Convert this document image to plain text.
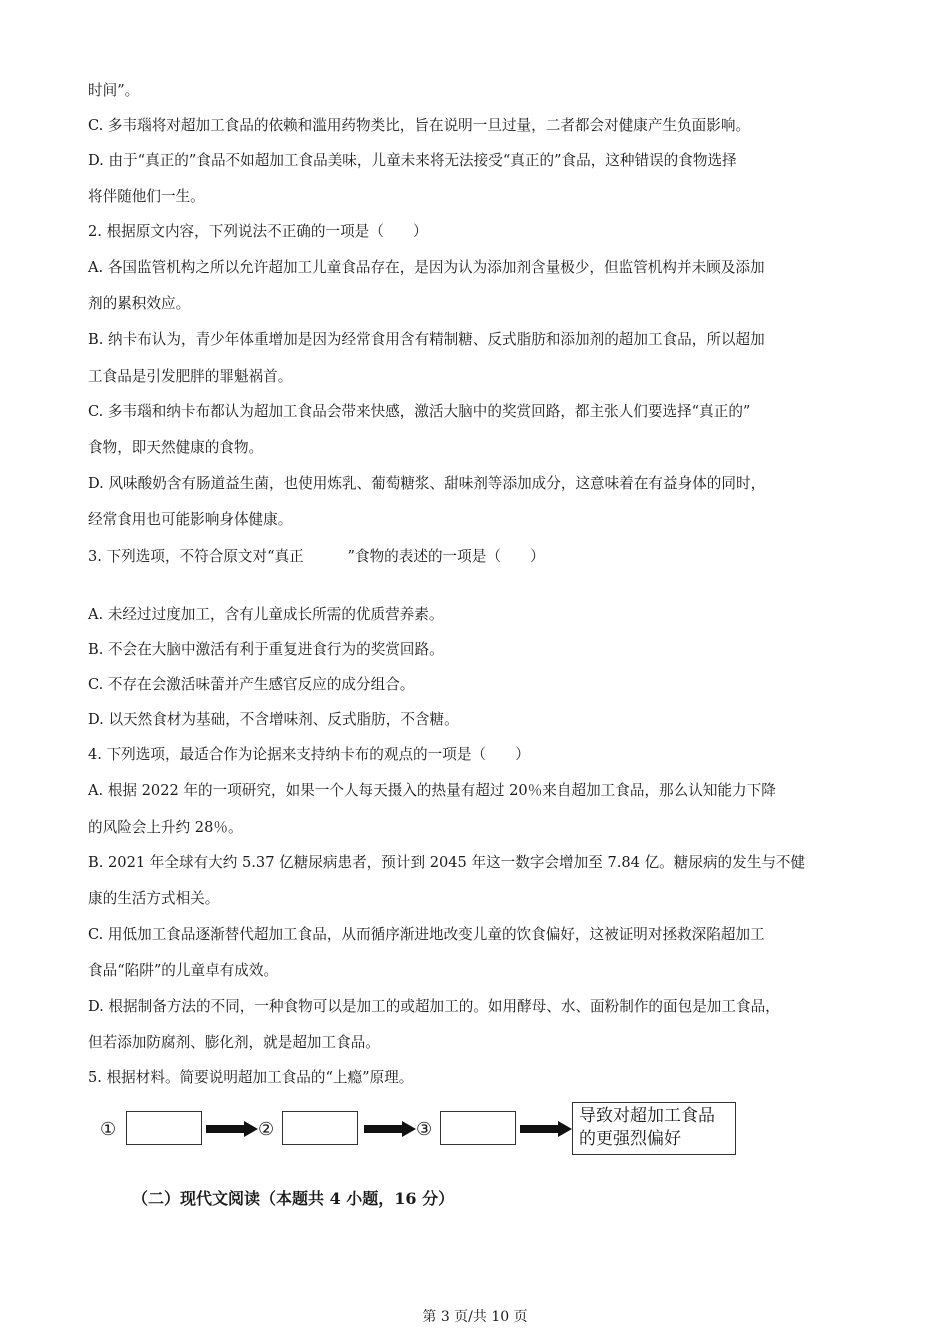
时间”。
C. 多韦瑙将对超加工食品的依赖和滥用药物类比，旨在说明一旦过量，二者都会对健康产生负面影响。
D. 由于“真正的”食品不如超加工食品美味，儿童未来将无法接受“真正的”食品，这种错误的食物选择
将伴随他们一生。
2. 根据原文内容，下列说法不正确的一项是（　　）
A. 各国监管机构之所以允许超加工儿童食品存在，是因为认为添加剂含量极少，但监管机构并未顾及添加
剂的累积效应。
B. 纳卡布认为，青少年体重增加是因为经常食用含有精制糖、反式脂肪和添加剂的超加工食品，所以超加
工食品是引发肥胖的罪魁祸首。
C. 多韦瑙和纳卡布都认为超加工食品会带来快感，激活大脑中的奖赏回路，都主张人们要选择“真正的”
食物，即天然健康的食物。
D. 风味酸奶含有肠道益生菌，也使用炼乳、葡萄糖浆、甜味剂等添加成分，这意味着在有益身体的同时，
经常食用也可能影响身体健康。
3. 下列选项，不符合原文对“真正　　　”食物的表述的一项是（　　）
A. 未经过过度加工，含有儿童成长所需的优质营养素。
B. 不会在大脑中激活有利于重复进食行为的奖赏回路。
C. 不存在会激活味蕾并产生感官反应的成分组合。
D. 以天然食材为基础，不含增味剂、反式脂肪，不含糖。
4. 下列选项，最适合作为论据来支持纳卡布的观点的一项是（　　）
A. 根据 2022 年的一项研究，如果一个人每天摄入的热量有超过 20％来自超加工食品，那么认知能力下降
的风险会上升约 28％。
B. 2021 年全球有大约 5.37 亿糖尿病患者，预计到 2045 年这一数字会增加至 7.84 亿。糖尿病的发生与不健
康的生活方式相关。
C. 用低加工食品逐渐替代超加工食品，从而循序渐进地改变儿童的饮食偏好，这被证明对拯救深陷超加工
食品“陷阱”的儿童卓有成效。
D. 根据制备方法的不同，一种食物可以是加工的或超加工的。如用酵母、水、面粉制作的面包是加工食品，
但若添加防腐剂、膨化剂，就是超加工食品。
5. 根据材料。简要说明超加工食品的“上瘾”原理。
①	②	③
导致对超加工食品
的更强烈偏好
（二）现代文阅读（本题共 4 小题，16 分）
第 3 页/共 10 页
